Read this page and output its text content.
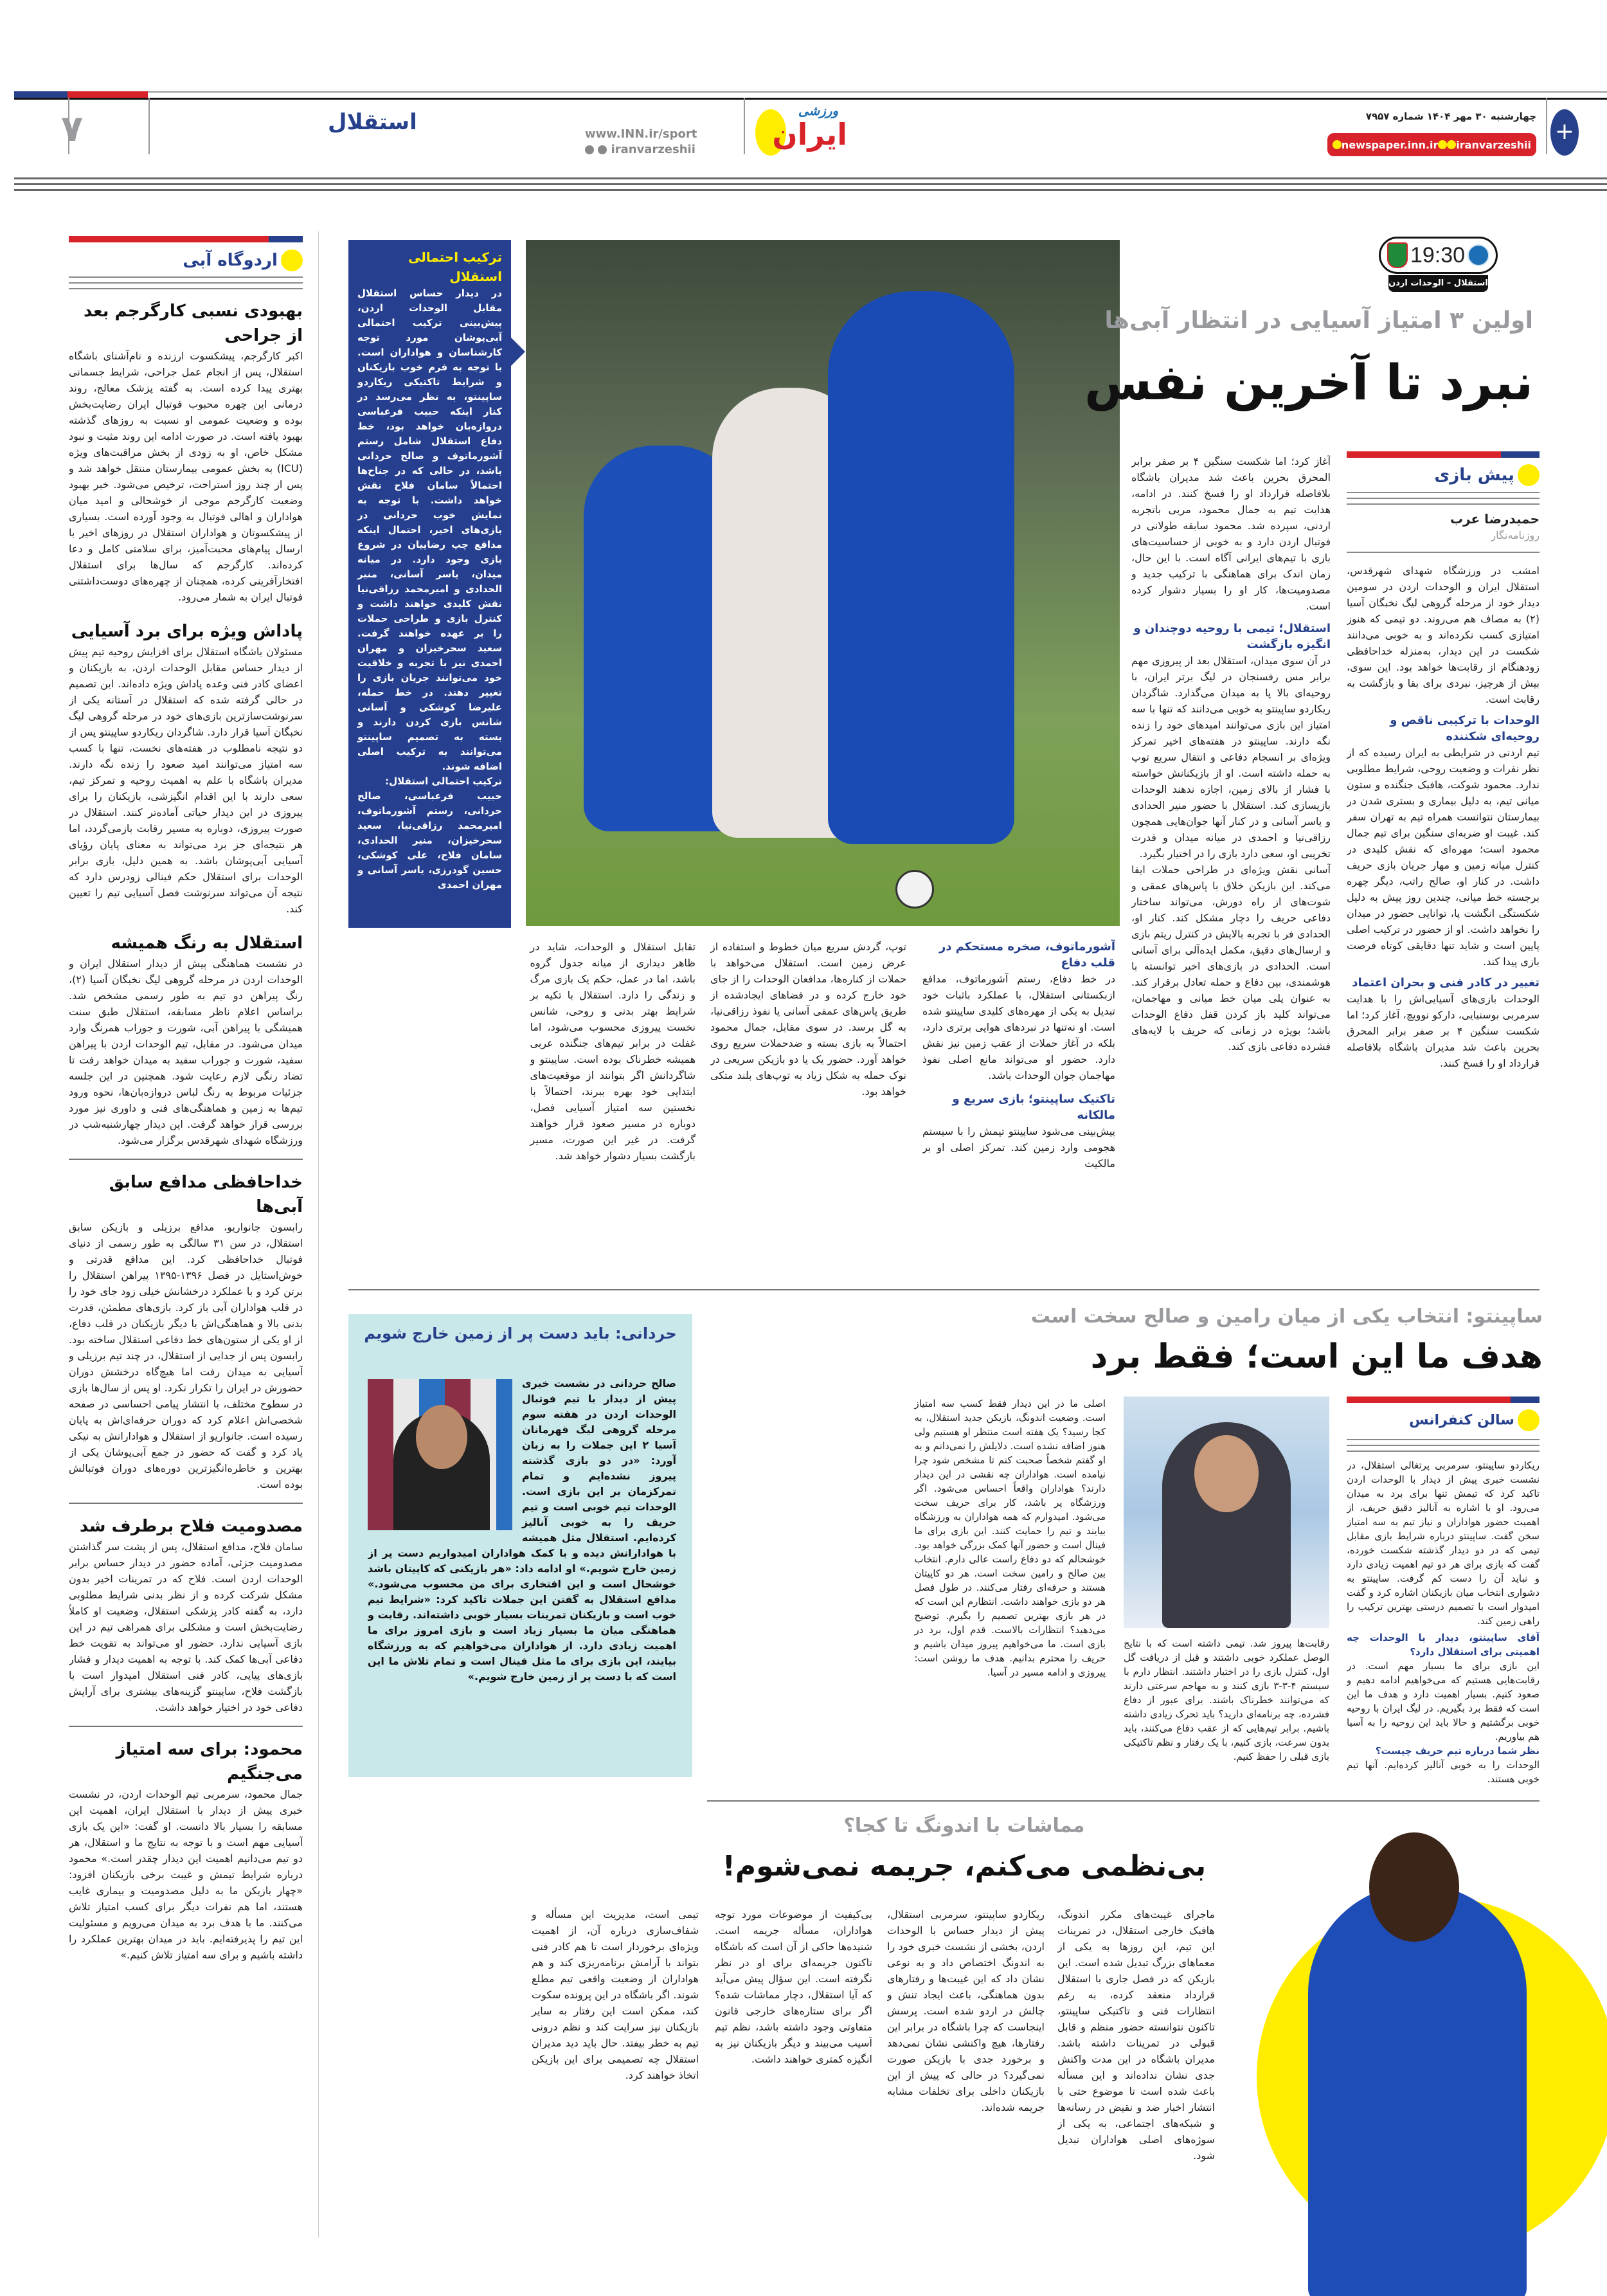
۷	استقلال	www.INN.ir/sport
iranvarzeshii
ورزشی
ایران
چهارشنبه ۳۰ مهر ۱۴۰۴ شماره ۷۹۵۷
newspaper.inn.ir iranvarzeshii +
اردوگاه آبی
بهبودی نسبی کارگرجم بعد از جراحی
اکبر کارگرجم، پیشکسوت ارزنده و نام‌آشنای باشگاه استقلال، پس از انجام عمل جراحی، شرایط جسمانی بهتری پیدا کرده است. به گفته پزشک معالج، روند درمانی این چهره محبوب فوتبال ایران رضایت‌بخش بوده و وضعیت عمومی او نسبت به روزهای گذشته بهبود یافته است. در صورت ادامه این روند مثبت و نبود مشکل خاص، او به زودی از بخش مراقبت‌های ویژه (ICU) به بخش عمومی بیمارستان منتقل خواهد شد و پس از چند روز استراحت، ترخیص می‌شود. خبر بهبود وضعیت کارگرجم موجی از خوشحالی و امید میان هواداران و اهالی فوتبال به وجود آورده است. بسیاری از پیشکسوتان و هواداران استقلال در روزهای اخیر با ارسال پیام‌های محبت‌آمیز، برای سلامتی کامل و دعا کرده‌اند. کارگرجم که سال‌ها برای استقلال افتخارآفرینی کرده، همچنان از چهره‌های دوست‌داشتنی فوتبال ایران به شمار می‌رود.
پاداش ویژه برای برد آسیایی
مسئولان باشگاه استقلال برای افزایش روحیه تیم پیش از دیدار حساس مقابل الوحدات اردن، به بازیکنان و اعضای کادر فنی وعده پاداش ویژه داده‌اند. این تصمیم در حالی گرفته شده که استقلال در آستانه یکی از سرنوشت‌سازترین بازی‌های خود در مرحله گروهی لیگ نخبگان آسیا قرار دارد. شاگردان ریکاردو ساپینتو پس از دو نتیجه نامطلوب در هفته‌های نخست، تنها با کسب سه امتیاز می‌توانند امید صعود را زنده نگه دارند. مدیران باشگاه با علم به اهمیت روحیه و تمرکز تیم، سعی دارند با این اقدام انگیزشی، بازیکنان را برای پیروزی در این دیدار حیاتی آماده‌تر کنند. استقلال در صورت پیروزی، دوباره به مسیر رقابت بازمی‌گردد، اما هر نتیجه‌ای جز برد می‌تواند به معنای پایان رؤیای آسیایی آبی‌پوشان باشد. به همین دلیل، بازی برابر الوحدات برای استقلال حکم فینالی زودرس دارد که نتیجه آن می‌تواند سرنوشت فصل آسیایی تیم را تعیین کند.
استقلال به رنگ همیشه
در نشست هماهنگی پیش از دیدار استقلال ایران و الوحدات اردن در مرحله گروهی لیگ نخبگان آسیا (۲)، رنگ پیراهن دو تیم به طور رسمی مشخص شد. براساس اعلام ناظر مسابقه، استقلال طبق سنت همیشگی با پیراهن آبی، شورت و جوراب همرنگ وارد میدان می‌شود. در مقابل، تیم الوحدات اردن با پیراهن سفید، شورت و جوراب سفید به میدان خواهد رفت تا تضاد رنگی لازم رعایت شود. همچنین در این جلسه جزئیات مربوط به رنگ لباس دروازه‌بان‌ها، نحوه ورود تیم‌ها به زمین و هماهنگی‌های فنی و داوری نیز مورد بررسی قرار خواهد گرفت. این دیدار چهارشنبه‌شب در ورزشگاه شهدای شهرقدس برگزار می‌شود.
خداحافظی مدافع سابق آبی‌ها
رابسون جانواریو، مدافع برزیلی و بازیکن سابق استقلال، در سن ۳۱ سالگی به طور رسمی از دنیای فوتبال خداحافظی کرد. این مدافع قدرتی و خوش‌استایل در فصل ۱۳۹۶-۱۳۹۵ پیراهن استقلال را برتن کرد و با عملکرد درخشانش خیلی زود جای خود را در قلب هواداران آبی باز کرد. بازی‌های مطمئن، قدرت بدنی بالا و هماهنگی‌اش با دیگر بازیکنان در قلب دفاع، از او یکی از ستون‌های خط دفاعی استقلال ساخته بود. رابسون پس از جدایی از استقلال، در چند تیم برزیلی و آسیایی به میدان رفت اما هیچ‌گاه درخشش دوران حضورش در ایران را تکرار نکرد. او پس از سال‌ها بازی در سطوح مختلف، با انتشار پیامی احساسی در صفحه شخصی‌اش اعلام کرد که دوران حرفه‌ای‌اش به پایان رسیده است. جانواریو از استقلال و هوادارانش به نیکی یاد کرد و گفت که حضور در جمع آبی‌پوشان یکی از بهترین و خاطره‌انگیزترین دوره‌های دوران فوتبالش بوده است.
مصدومیت فلاح برطرف شد
سامان فلاح، مدافع استقلال، پس از پشت سر گذاشتن مصدومیت جزئی، آماده حضور در دیدار حساس برابر الوحدات اردن است. فلاح که در تمرینات اخیر بدون مشکل شرکت کرده و از نظر بدنی شرایط مطلوبی دارد، به گفته کادر پزشکی استقلال، وضعیت او کاملاً رضایت‌بخش است و مشکلی برای همراهی تیم در این بازی آسیایی ندارد. حضور او می‌تواند به تقویت خط دفاعی آبی‌ها کمک کند. با توجه به اهمیت دیدار و فشار بازی‌های پیاپی، کادر فنی استقلال امیدوار است با بازگشت فلاح، ساپینتو گزینه‌های بیشتری برای آرایش دفاعی خود در اختیار خواهد داشت.
محمود: برای سه امتیاز می‌جنگیم
جمال محمود، سرمربی تیم الوحدات اردن، در نشست خبری پیش از دیدار با استقلال ایران، اهمیت این مسابقه را بسیار بالا دانست. او گفت: «این یک بازی آسیایی مهم است و با توجه به نتایج ما و استقلال، هر دو تیم می‌دانیم اهمیت این دیدار چقدر است.» محمود درباره شرایط تیمش و غیبت برخی بازیکنان افزود: «چهار بازیکن ما به دلیل مصدومیت و بیماری غایب هستند، اما هم نفرات دیگر برای کسب امتیاز تلاش می‌کنند. ما با هدف برد به میدان می‌رویم و مسئولیت این تیم را پذیرفته‌ایم. باید در میدان بهترین عملکرد را داشته باشیم و برای سه امتیاز تلاش کنیم.»
ترکیب احتمالی استقلال
در دیدار حساس استقلال مقابل الوحدات اردن، پیش‌بینی ترکیب احتمالی آبی‌پوشان مورد توجه کارشناسان و هواداران است. با توجه به فرم خوب بازیکنان و شرایط تاکتیکی ریکاردو ساپینتو، به نظر می‌رسد در کنار اینکه حبیب فرعباسی دروازه‌بان خواهد بود، خط دفاع استقلال شامل رستم آشورماتوف و صالح حردانی باشد، در حالی که در جناح‌ها احتمالاً سامان فلاح نقش خواهد داشت. با توجه به نمایش خوب حردانی در بازی‌های اخیر، احتمال اینکه مدافع چپ رضاییان در شروع بازی وجود دارد. در میانه میدان، یاسر آسانی، منیر الحدادی و امیرمحمد رزاقی‌نیا نقش کلیدی خواهند داشت و کنترل بازی و طراحی حملات را بر عهده خواهند گرفت. سعید سحرخیزان و مهران احمدی نیز با تجربه و خلاقیت خود می‌توانند جریان بازی را تغییر دهند. در خط حمله، علیرضا کوشکی و آسانی شانس بازی کردن دارند و بسته به تصمیم ساپینتو می‌توانند به ترکیب اصلی اضافه شوند.
ترکیب احتمالی استقلال:
حبیب فرعباسی، صالح حردانی، رستم آشورماتوف، امیرمحمد رزاقی‌نیا، سعید سحرخیزان، منیر الحدادی، سامان فلاح، علی کوشکی، حسین گودرزی، یاسر آسانی و مهران احمدی
19:30
استقلال – الوحدات اردن
اولین ۳ امتیاز آسیایی در انتظار آبی‌ها
نبرد تا آخرین نفس
پیش بازی
حمیدرضا عرب
روزنامه‌نگار
امشب در ورزشگاه شهدای شهرقدس، استقلال ایران و الوحدات اردن در سومین دیدار خود از مرحله گروهی لیگ نخبگان آسیا (۲) به مصاف هم می‌روند. دو تیمی که هنوز امتیازی کسب نکرده‌اند و به خوبی می‌دانند شکست در این دیدار، به‌منزله خداحافظی زودهنگام از رقابت‌ها خواهد بود. این سوی، بیش از هرچیز، نبردی برای بقا و بازگشت به رقابت است.
الوحدات با ترکیبی ناقص و روحیه‌ای شکننده
تیم اردنی در شرایطی به ایران رسیده که از نظر نفرات و وضعیت روحی، شرایط مطلوبی ندارد. محمود شوکت، هافبک جنگنده و ستون میانی تیم، به دلیل بیماری و بستری شدن در بیمارستان نتوانست همراه تیم به تهران سفر کند. غیبت او ضربه‌ای سنگین برای تیم جمال محمود است؛ مهره‌ای که نقش کلیدی در کنترل میانه زمین و مهار جریان بازی حریف داشت. در کنار او، صالح راتب، دیگر چهره برجسته خط میانی، چندین روز پیش به دلیل شکستگی انگشت پا، توانایی حضور در میدان را نخواهد داشت. او از حضور در ترکیب اصلی پایین است و شاید تنها دقایقی کوتاه فرصت بازی پیدا کند.
تغییر در کادر فنی و بحران اعتماد
الوحدات بازی‌های آسیایی‌اش را با هدایت سرمربی بوسنیایی، دارکو نوویچ، آغاز کرد؛ اما شکست سنگین ۴ بر صفر برابر المحرق بحرین باعث شد مدیران باشگاه بلافاصله قرارداد او را فسخ کنند.
آغاز کرد؛ اما شکست سنگین ۴ بر صفر برابر المحرق بحرین باعث شد مدیران باشگاه بلافاصله قرارداد او را فسخ کنند. در ادامه، هدایت تیم به جمال محمود، مربی باتجربه اردنی، سپرده شد. محمود سابقه طولانی در فوتبال اردن دارد و به خوبی از حساسیت‌های بازی با تیم‌های ایرانی آگاه است. با این حال، زمان اندک برای هماهنگی با ترکیب جدید و مصدومیت‌ها، کار او را بسیار دشوار کرده است.
استقلال؛ تیمی با روحیه دوچندان و انگیزه بازگشت
در آن سوی میدان، استقلال بعد از پیروزی مهم برابر مس رفسنجان در لیگ برتر ایران، با روحیه‌ای بالا پا به میدان می‌گذارد. شاگردان ریکاردو ساپینتو به خوبی می‌دانند که تنها با سه امتیاز این بازی می‌توانند امیدهای خود را زنده نگه دارند. ساپینتو در هفته‌های اخیر تمرکز ویژه‌ای بر انسجام دفاعی و انتقال سریع توپ به حمله داشته است. او از بازیکنانش خواسته با فشار از بالای زمین، اجازه ندهند الوحدات بازیسازی کند. استقلال با حضور منیر الحدادی و یاسر آسانی و در کنار آنها جوان‌هایی همچون رزاقی‌نیا و احمدی در میانه میدان و قدرت تخریبی او، سعی دارد بازی را در اختیار بگیرد.
آسانی نقش ویژه‌ای در طراحی حملات ایفا می‌کند. این بازیکن خلاق با پاس‌های عمقی و شوت‌های از راه دورش، می‌تواند ساختار دفاعی حریف را دچار مشکل کند. کنار او، الحدادی فر با تجربه بالایش در کنترل ریتم بازی و ارسال‌های دقیق، مکمل ایده‌آلی برای آسانی است. الحدادی در بازی‌های اخیر توانسته با هوشمندی، بین دفاع و حمله تعادل برقرار کند. به عنوان پلی میان خط میانی و مهاجمان، می‌تواند کلید باز کردن قفل دفاع الوحدات باشد؛ بویژه در زمانی که حریف با لایه‌های فشرده دفاعی بازی کند.
آشورماتوف، صخره مستحکم در قلب دفاع
در خط دفاع، رستم آشورماتوف، مدافع ازبکستانی استقلال، با عملکرد باثبات خود تبدیل به یکی از مهره‌های کلیدی ساپینتو شده است. او نه‌تنها در نبردهای هوایی برتری دارد، بلکه در آغاز حملات از عقب زمین نیز نقش دارد. حضور او می‌تواند مانع اصلی نفوذ مهاجمان جوان الوحدات باشد.
تاکتیک ساپینتو؛ بازی سریع و مالکانه
پیش‌بینی می‌شود ساپینتو تیمش را با سیستم هجومی وارد زمین کند. تمرکز اصلی او بر مالکیت
توپ، گردش سریع میان خطوط و استفاده از عرض زمین است. استقلال می‌خواهد با حملات از کناره‌ها، مدافعان الوحدات را از جای خود خارج کرده و در فضاهای ایجادشده از طریق پاس‌های عمقی آسانی یا نفوذ رزاقی‌نیا، به گل برسد. در سوی مقابل، جمال محمود احتمالاً به بازی بسته و ضدحملات سریع روی خواهد آورد. حضور یک یا دو بازیکن سریعی در نوک حمله به شکل زیاد به توپ‌های بلند متکی خواهد بود.
تقابل استقلال و الوحدات، شاید در ظاهر دیداری از میانه جدول گروه باشد، اما در عمل، حکم یک بازی مرگ و زندگی را دارد. استقلال با تکیه بر شرایط بهتر بدنی و روحی، شانس نخست پیروزی محسوب می‌شود، اما غفلت در برابر تیم‌های جنگنده عربی همیشه خطرناک بوده است. ساپینتو و شاگردانش اگر بتوانند از موقعیت‌های ابتدایی خود بهره ببرند، احتمالاً با نخستین سه امتیاز آسیایی فصل، دوباره در مسیر صعود قرار خواهند گرفت. در غیر این صورت، مسیر بازگشت بسیار دشوار خواهد شد.
ساپینتو: انتخاب یکی از میان رامین و صالح سخت است
هدف ما این است؛ فقط برد
سالن کنفرانس
ریکاردو ساپینتو، سرمربی پرتغالی استقلال، در نشست خبری پیش از دیدار با الوحدات اردن تاکید کرد که تیمش تنها برای برد به میدان می‌رود. او با اشاره به آنالیز دقیق حریف، از اهمیت حضور هواداران و نیاز تیم به سه امتیاز سخن گفت. ساپینتو درباره شرایط بازی مقابل تیمی که در دو دیدار گذشته شکست خورده، گفت که بازی برای هر دو تیم اهمیت زیادی دارد و نباید آن را دست کم گرفت. ساپینتو به دشواری انتخاب میان بازیکنان اشاره کرد و گفت امیدوار است با تصمیم درستی بهترین ترکیب را راهی زمین کند.
آقای ساپینتو، دیدار با الوحدات چه اهمیتی برای استقلال دارد؟
این بازی برای ما بسیار مهم است. در رقابت‌هایی هستیم که می‌خواهیم ادامه دهیم و صعود کنیم. بسیار اهمیت دارد و هدف ما این است که فقط برد بگیریم. در لیگ ایران با روحیه خوبی برگشتیم و حالا باید این روحیه را به آسیا هم بیاوریم.
نظر شما درباره تیم حریف چیست؟
الوحدات را به خوبی آنالیز کرده‌ایم. آنها تیم خوبی هستند.
رقابت‌ها پیروز شد. تیمی داشته است که با نتایج الوصل عملکرد خوبی داشتند و قبل از دریافت گل اول، کنترل بازی را در اختیار داشتند. انتظار دارم با سیستم ۴-۳-۳ بازی کنند و به مهاجم سرعتی دارند که می‌توانند خطرناک باشند. برای عبور از دفاع فشرده، چه برنامه‌ای دارید؟ باید تحرک زیادی داشته باشیم. برابر تیم‌هایی که از عقب دفاع می‌کنند، باید بدون سرعت، بازی کنیم، با یک رفتار و نظم تاکتیکی بازی قبلی را حفظ کنیم.
اصلی ما در این دیدار فقط کسب سه امتیاز است. وضعیت اندونگ، بازیکن جدید استقلال، به کجا رسید؟ یک هفته است منتظر او هستیم ولی هنوز اضافه نشده است. دلایلش را نمی‌دانم و به او گفتم شخصاً صحبت کنم تا مشخص شود چرا نیامده است. هواداران چه نقشی در این دیدار دارند؟ هواداران واقعاً احساس می‌شود. اگر ورزشگاه پر باشد، کار برای حریف سخت می‌شود. امیدوارم که همه هواداران به ورزشگاه بیایند و تیم را حمایت کنند. این بازی برای ما فینال است و حضور آنها کمک بزرگی خواهد بود. خوشحالم که دو دفاع راست عالی دارم. انتخاب بین صالح و رامین سخت است. هر دو کاپیتان هستند و حرفه‌ای رفتار می‌کنند. در طول فصل هر دو بازی خواهند داشت. انتظارم این است که در هر بازی بهترین تصمیم را بگیرم. توضیح می‌دهید؟ انتظارات بالاست. قدم اول، برد در بازی است. ما می‌خواهیم پیروز میدان باشیم و حریف را محترم بدانیم. هدف ما روشن است: پیروزی و ادامه مسیر در آسیا.
حردانی: باید دست پر از زمین خارج شویم
صالح حردانی در نشست خبری پیش از دیدار با تیم فوتبال الوحدات اردن در هفته سوم مرحله گروهی لیگ قهرمانان آسیا ۲ این جملات را به زبان آورد: «در دو بازی گذشته پیروز نشده‌ایم و تمام تمرکزمان بر این بازی است. الوحدات تیم خوبی است و تیم حریف را به خوبی آنالیز کرده‌ایم. استقلال مثل همیشه با هوادارانش دیده و با کمک هواداران امیدواریم دست پر از زمین خارج شویم.» او ادامه داد: «هر بازیکنی که کاپیتان باشد خوشحال است و این افتخاری برای من محسوب می‌شود.» مدافع استقلال به گفتن این جملات تاکید کرد: «شرایط تیم خوب است و بازیکنان تمرینات بسیار خوبی داشته‌اند. رقابت و هماهنگی میان ما بسیار زیاد است و بازی امروز برای ما اهمیت زیادی دارد. از هواداران می‌خواهیم که به ورزشگاه بیایند، این بازی برای ما مثل فینال است و تمام تلاش ما این است که با دست پر از زمین خارج شویم.»
مماشات با اندونگ تا کجا؟
بی‌نظمی می‌کنم، جریمه نمی‌شوم!
ماجرای غیبت‌های مکرر اندونگ، هافبک خارجی استقلال، در تمرینات این تیم، این روزها به یکی از معماهای بزرگ تبدیل شده است. این بازیکن که در فصل جاری با استقلال قرارداد منعقد کرده، به رغم انتظارات فنی و تاکتیکی ساپینتو، تاکنون نتوانسته حضور منظم و قابل قبولی در تمرینات داشته باشد. مدیران باشگاه در این مدت واکنش جدی نشان نداده‌اند و این مسأله باعث شده است تا موضوع حتی با انتشار اخبار ضد و نقیض در رسانه‌ها و شبکه‌های اجتماعی، به یکی از سوژه‌های اصلی هواداران تبدیل شود.
ریکاردو ساپینتو، سرمربی استقلال، پیش از دیدار حساس با الوحدات اردن، بخشی از نشست خبری خود را به اندونگ اختصاص داد و به نوعی نشان داد که این غیبت‌ها و رفتارهای بدون هماهنگی، باعث ایجاد تنش و چالش در اردو شده است. پرسش اینجاست که چرا باشگاه در برابر این رفتارها، هیچ واکنشی نشان نمی‌دهد و برخورد جدی با بازیکن صورت نمی‌گیرد؟ در حالی که پیش از این بازیکنان داخلی برای تخلفات مشابه جریمه شده‌اند.
بی‌کیفیت از موضوعات مورد توجه هواداران، مسأله جریمه است. شنیده‌ها حاکی از آن است که باشگاه تاکنون جریمه‌ای برای او در نظر نگرفته است. این سؤال پیش می‌آید که آیا استقلال، دچار مماشات شده؟ اگر برای ستاره‌های خارجی قانون متفاوتی وجود داشته باشد، نظم تیم آسیب می‌بیند و دیگر بازیکنان نیز به انگیزه کمتری خواهند داشت.
تیمی است، مدیریت این مسأله و شفاف‌سازی درباره آن، از اهمیت ویژه‌ای برخوردار است تا هم کادر فنی بتواند با آرامش برنامه‌ریزی کند و هم هواداران از وضعیت واقعی تیم مطلع شوند. اگر باشگاه در این پرونده سکوت کند، ممکن است این رفتار به سایر بازیکنان نیز سرایت کند و نظم درونی تیم به خطر بیفتد. حال باید دید مدیران استقلال چه تصمیمی برای این بازیکن اتخاذ خواهند کرد.
